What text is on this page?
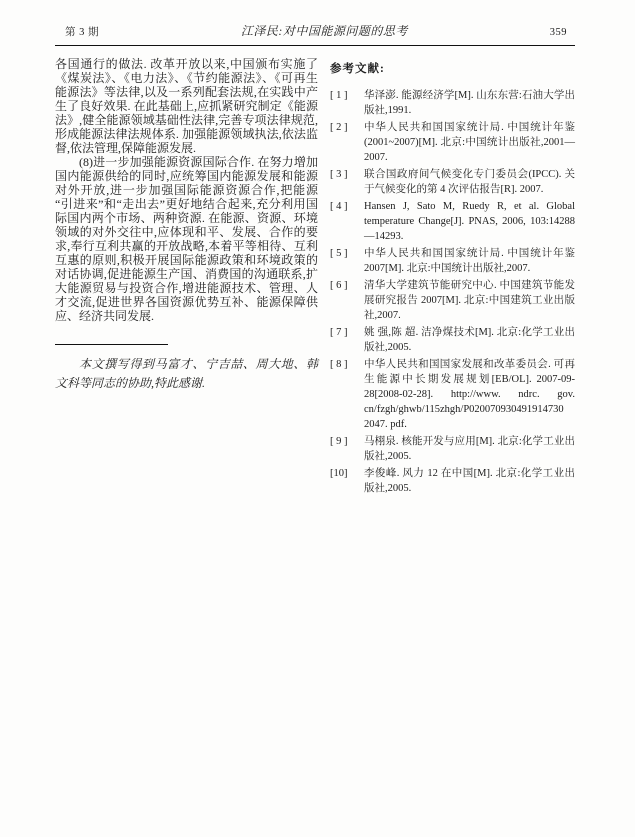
第 3 期	江泽民:对中国能源问题的思考	359

各国通行的做法. 改革开放以来,中国颁布实施了《煤炭法》、《电力法》、《节约能源法》、《可再生能源法》等法律,以及一系列配套法规,在实践中产生了良好效果. 在此基础上,应抓紧研究制定《能源法》,健全能源领域基础性法律,完善专项法律规范,形成能源法律法规体系. 加强能源领域执法,依法监督,依法管理,保障能源发展.

(8)进一步加强能源资源国际合作. 在努力增加国内能源供给的同时,应统筹国内能源发展和能源对外开放,进一步加强国际能源资源合作,把能源“引进来”和“走出去”更好地结合起来,充分利用国际国内两个市场、两种资源. 在能源、资源、环境领域的对外交往中,应体现和平、发展、合作的要求,奉行互利共赢的开放战略,本着平等相待、互利互惠的原则,积极开展国际能源政策和环境政策的对话协调,促进能源生产国、消费国的沟通联系,扩大能源贸易与投资合作,增进能源技术、管理、人才交流,促进世界各国资源优势互补、能源保障供应、经济共同发展.

本文撰写得到马富才、宁吉喆、周大地、韩文科等同志的协助,特此感谢.

参考文献:
[ 1 ]	华泽澎. 能源经济学[M]. 山东东营:石油大学出版社,1991.
[ 2 ]	中华人民共和国国家统计局. 中国统计年鉴(2001~2007)[M]. 北京:中国统计出版社,2001—2007.
[ 3 ]	联合国政府间气候变化专门委员会(IPCC). 关于气候变化的第 4 次评估报告[R]. 2007.
[ 4 ]	Hansen J, Sato M, Ruedy R, et al. Global temperature Change[J]. PNAS, 2006, 103:14288—14293.
[ 5 ]	中华人民共和国国家统计局. 中国统计年鉴 2007[M]. 北京:中国统计出版社,2007.
[ 6 ]	清华大学建筑节能研究中心. 中国建筑节能发展研究报告 2007[M]. 北京:中国建筑工业出版社,2007.
[ 7 ]	姚 强,陈 超. 洁净煤技术[M]. 北京:化学工业出版社,2005.
[ 8 ]	中华人民共和国国家发展和改革委员会. 可再生能源中长期发展规划[EB/OL]. 2007-09-28[2008-02-28]. http://www. ndrc. gov. cn/fzgh/ghwb/115zhgh/P020070930491914730 2047. pdf.
[ 9 ]	马栩泉. 核能开发与应用[M]. 北京:化学工业出版社,2005.
[10]	李俊峰. 风力 12 在中国[M]. 北京:化学工业出版社,2005.
